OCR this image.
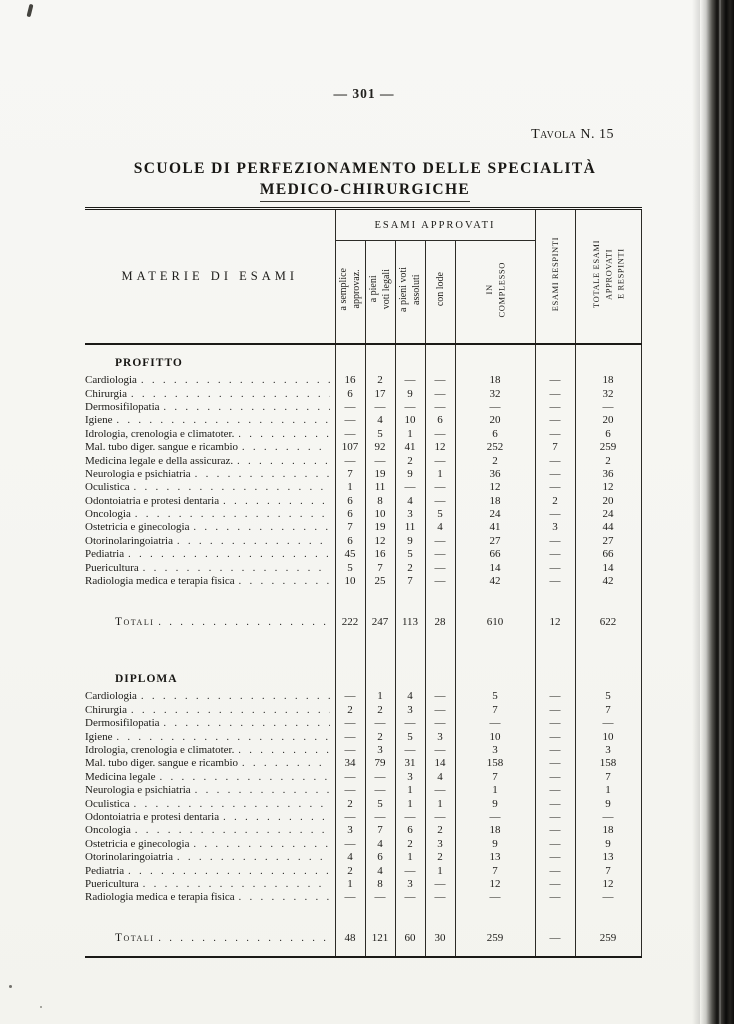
— 301 —
Tavola N. 15
SCUOLE DI PERFEZIONAMENTO DELLE SPECIALITÀ
MEDICO-CHIRURGICHE
MATERIE DI ESAMI	ESAMI APPROVATI					ESAMI RESPINTI	TOTALE ESAMI
APPROVATI
E RESPINTI
	a semplice
approvaz.	a pieni
voti legali	a pieni voti
assoluti	con lode	IN
COMPLESSO		

PROFITTO							

Cardiologia
. . .	16	2	—	—	18	—	18

Chirurgia
. . .	6	17	9	—	32	—	32

Dermosifilopatia
. . .	—	—	—	—	—	—	—

Igiene
. . .	—	4	10	6	20	—	20

Idrologia, crenologia e climatoter.
. . .	—	5	1	—	6	—	6

Mal. tubo diger. sangue e ricambio
. . .	107	92	41	12	252	7	259

Medicina legale e della assicuraz.
. . .	—	—	2	—	2	—	2

Neurologia e psichiatria
. . .	7	19	9	1	36	—	36

Oculistica
. . .	1	11	—	—	12	—	12

Odontoiatria e protesi dentaria
. . .	6	8	4	—	18	2	20

Oncologia
. . .	6	10	3	5	24	—	24

Ostetricia e ginecologia
. . .	7	19	11	4	41	3	44

Otorinolaringoiatria
. . .	6	12	9	—	27	—	27

Pediatria
. . .	45	16	5	—	66	—	66

Puericultura
. . .	5	7	2	—	14	—	14

Radiologia medica e terapia fisica
. . .	10	25	7	—	42	—	42

Totali
. . .	222	247	113	28	610	12	622

DIPLOMA							

Cardiologia
. . .	—	1	4	—	5	—	5

Chirurgia
. . .	2	2	3	—	7	—	7

Dermosifilopatia
. . .	—	—	—	—	—	—	—

Igiene
. . .	—	2	5	3	10	—	10

Idrologia, crenologia e climatoter.
. . .	—	3	—	—	3	—	3

Mal. tubo diger. sangue e ricambio
. . .	34	79	31	14	158	—	158

Medicina legale
. . .	—	—	3	4	7	—	7

Neurologia e psichiatria
. . .	—	—	1	—	1	—	1

Oculistica
. . .	2	5	1	1	9	—	9

Odontoiatria e protesi dentaria
. . .	—	—	—	—	—	—	—

Oncologia
. . .	3	7	6	2	18	—	18

Ostetricia e ginecologia
. . .	—	4	2	3	9	—	9

Otorinolaringoiatria
. . .	4	6	1	2	13	—	13

Pediatria
. . .	2	4	—	1	7	—	7

Puericultura
. . .	1	8	3	—	12	—	12

Radiologia medica e terapia fisica
. . .	—	—	—	—	—	—	—

Totali
. . .	48	121	60	30	259	—	259
